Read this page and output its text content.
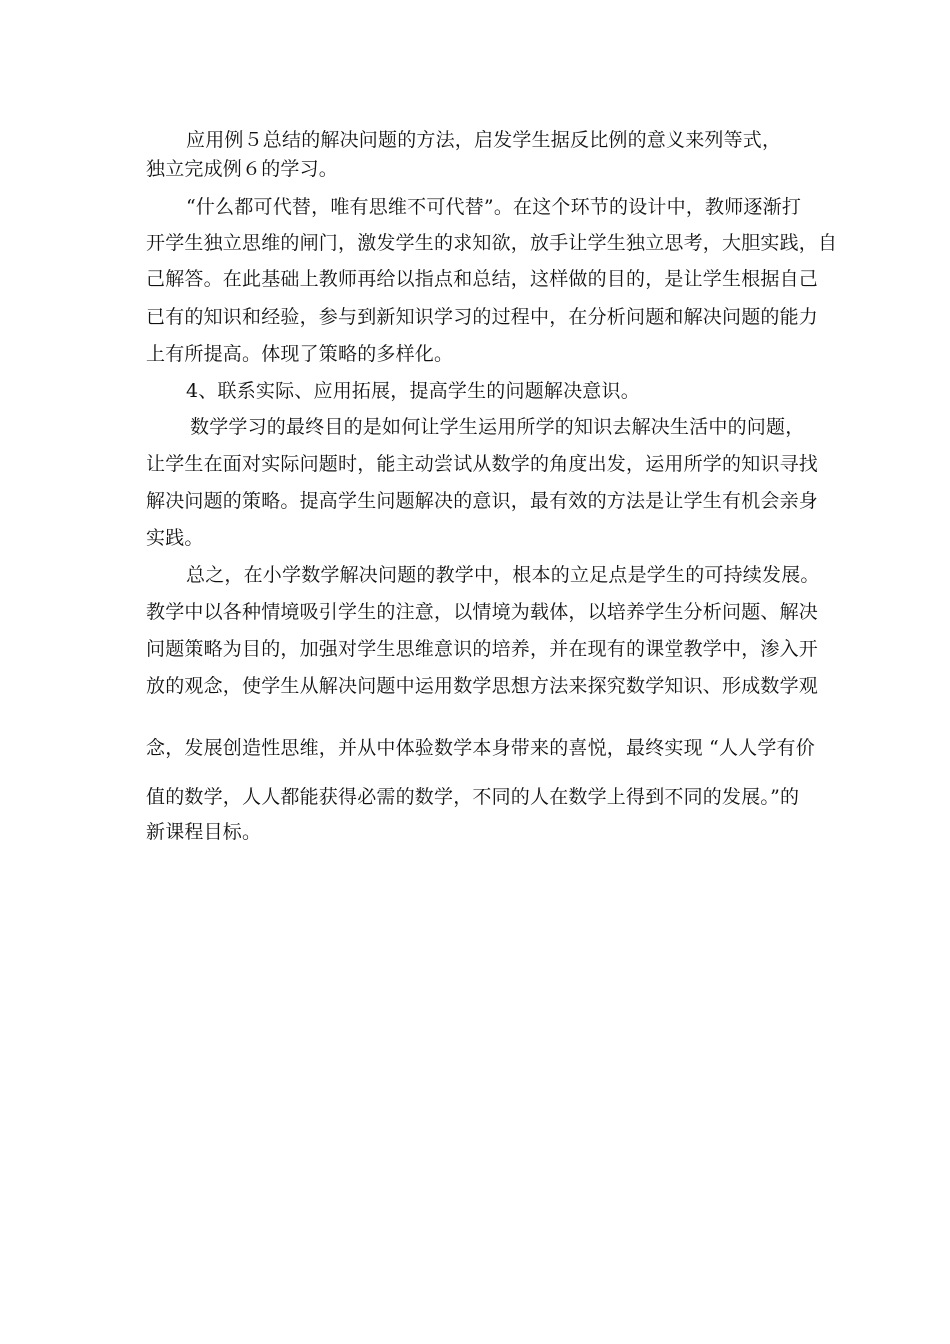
应用例５总结的解决问题的方法，启发学生据反比例的意义来列等式，
独立完成例６的学习。
“什么都可代替，唯有思维不可代替”。在这个环节的设计中，教师逐渐打
开学生独立思维的闸门，激发学生的求知欲，放手让学生独立思考，大胆实践，自
己解答。在此基础上教师再给以指点和总结，这样做的目的，是让学生根据自己
已有的知识和经验，参与到新知识学习的过程中，在分析问题和解决问题的能力
上有所提高。体现了策略的多样化。
4、联系实际、应用拓展，提高学生的问题解决意识。
数学学习的最终目的是如何让学生运用所学的知识去解决生活中的问题，
让学生在面对实际问题时，能主动尝试从数学的角度出发，运用所学的知识寻找
解决问题的策略。提高学生问题解决的意识，最有效的方法是让学生有机会亲身
实践。
总之，在小学数学解决问题的教学中，根本的立足点是学生的可持续发展。
教学中以各种情境吸引学生的注意，以情境为载体，以培养学生分析问题、解决
问题策略为目的，加强对学生思维意识的培养，并在现有的课堂教学中，渗入开
放的观念，使学生从解决问题中运用数学思想方法来探究数学知识、形成数学观
念，发展创造性思维，并从中体验数学本身带来的喜悦，最终实现 “人人学有价
值的数学，人人都能获得必需的数学，不同的人在数学上得到不同的发展。”的
新课程目标。
